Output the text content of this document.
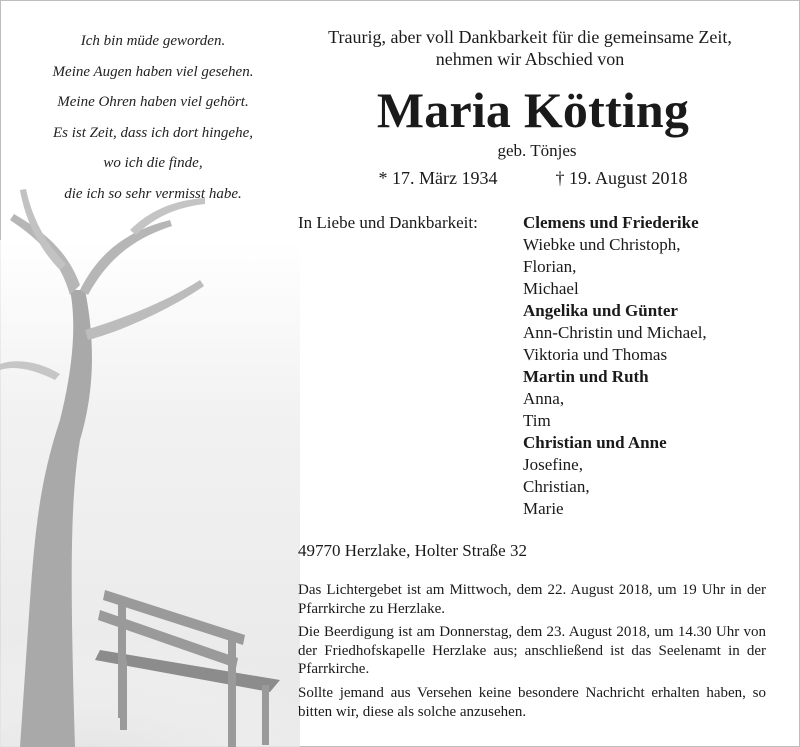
Ich bin müde geworden.
Meine Augen haben viel gesehen.
Meine Ohren haben viel gehört.
Es ist Zeit, dass ich dort hingehe,
wo ich die finde,
die ich so sehr vermisst habe.
Traurig, aber voll Dankbarkeit für die gemeinsame Zeit,
nehmen wir Abschied von
Maria Kötting
geb. Tönjes
* 17. März 1934	† 19. August 2018
In Liebe und Dankbarkeit:	Clemens und Friederike
Wiebke und Christoph,
Florian,
Michael
Angelika und Günter
Ann-Christin und Michael,
Viktoria und Thomas
Martin und Ruth
Anna,
Tim
Christian und Anne
Josefine,
Christian,
Marie
49770 Herzlake, Holter Straße 32

Das Lichtergebet ist am Mittwoch, dem 22. August 2018, um 19 Uhr in der Pfarrkirche zu Herzlake.

Die Beerdigung ist am Donnerstag, dem 23. August 2018, um 14.30 Uhr von der Friedhofskapelle Herzlake aus; anschließend ist das Seelenamt in der Pfarrkirche.

Sollte jemand aus Versehen keine besondere Nachricht erhalten haben, so bitten wir, diese als solche anzusehen.
